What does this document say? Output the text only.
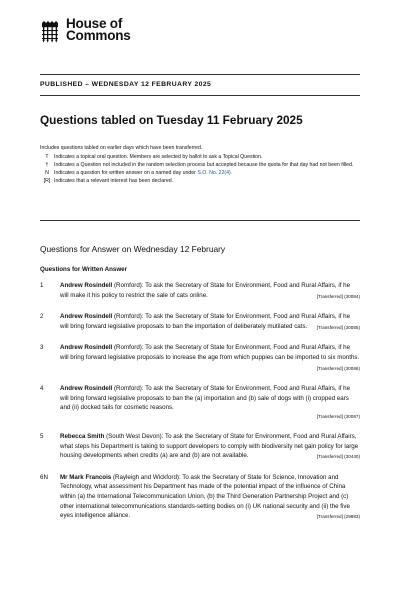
House of
Commons
PUBLISHED – WEDNESDAY 12 FEBRUARY 2025
Questions tabled on Tuesday 11 February 2025
Includes questions tabled on earlier days which have been transferred.
T	Indicates a topical oral question. Members are selected by ballot to ask a Topical Question.
†	Indicates a Question not included in the random selection process but accepted because the quota for that day had not been filled.
N Indicates a question for written answer on a named day under S.O. No. 22(4).
[R] Indicates that a relevant interest has been declared.
Questions for Answer on Wednesday 12 February
Questions for Written Answer
1	Andrew Rosindell (Romford): To ask the Secretary of State for Environment, Food and Rural Affairs, if he will make it his policy to restrict the sale of cats online.	[Transferred] (30084)
2	Andrew Rosindell (Romford): To ask the Secretary of State for Environment, Food and Rural Affairs, if he will bring forward legislative proposals to ban the importation of deliberately mutilated cats. [Transferred] (30085)
3	Andrew Rosindell (Romford): To ask the Secretary of State for Environment, Food and Rural Affairs, if he will bring forward legislative proposals to increase the age from which puppies can be imported to six months.
[Transferred] (30086)
4	Andrew Rosindell (Romford): To ask the Secretary of State for Environment, Food and Rural Affairs, if he will bring forward legislative proposals to ban the (a) importation and (b) sale of dogs with (i) cropped ears and (ii) docked tails for cosmetic reasons.
[Transferred] (30087)
5	Rebecca Smith (South West Devon): To ask the Secretary of State for Environment, Food and Rural Affairs, what steps his Department is taking to support developers to comply with biodiversity net gain policy for large housing developments when credits (a) are and (b) are not available.	[Transferred] (30440)
6N	Mr Mark Francois (Rayleigh and Wickford): To ask the Secretary of State for Science, Innovation and Technology, what assessment his Department has made of the potential impact of the influence of China within (a) the International Telecommunication Union, (b) the Third Generation Partnership Project and (c) other international telecommunications standards-setting bodies on (i) UK national security and (ii) the five eyes intelligence alliance.	[Transferred] (29883)
